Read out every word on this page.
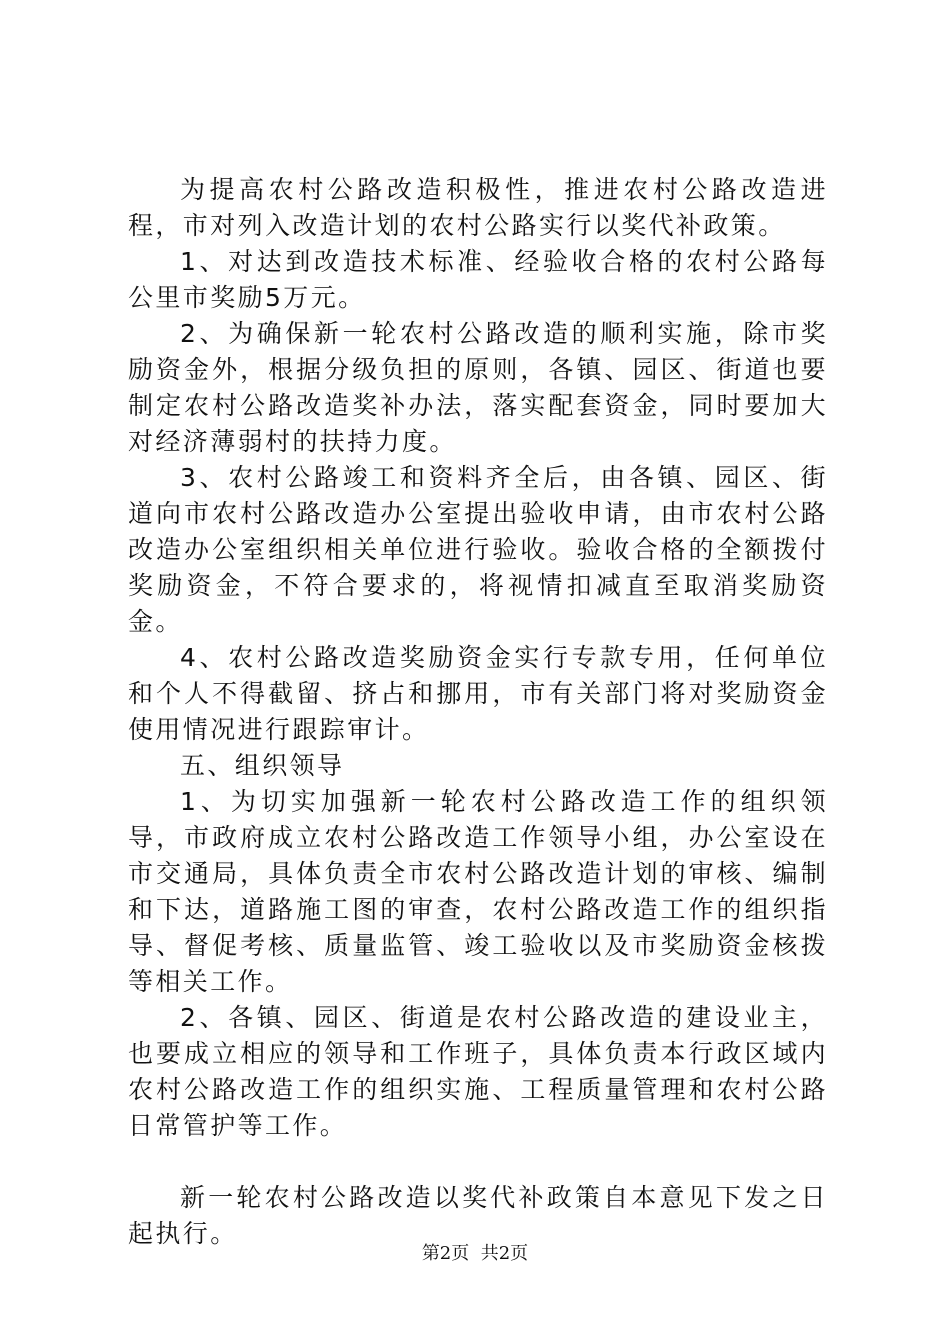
为提高农村公路改造积极性，推进农村公路改造进程，市对列入改造计划的农村公路实行以奖代补政策。

1、对达到改造技术标准、经验收合格的农村公路每公里市奖励5万元。

2、为确保新一轮农村公路改造的顺利实施，除市奖励资金外，根据分级负担的原则，各镇、园区、街道也要制定农村公路改造奖补办法，落实配套资金，同时要加大对经济薄弱村的扶持力度。

3、农村公路竣工和资料齐全后，由各镇、园区、街道向市农村公路改造办公室提出验收申请，由市农村公路改造办公室组织相关单位进行验收。验收合格的全额拨付奖励资金，不符合要求的，将视情扣减直至取消奖励资金。

4、农村公路改造奖励资金实行专款专用，任何单位和个人不得截留、挤占和挪用，市有关部门将对奖励资金使用情况进行跟踪审计。

五、组织领导

1、为切实加强新一轮农村公路改造工作的组织领导，市政府成立农村公路改造工作领导小组，办公室设在市交通局，具体负责全市农村公路改造计划的审核、编制和下达，道路施工图的审查，农村公路改造工作的组织指导、督促考核、质量监管、竣工验收以及市奖励资金核拨等相关工作。

2、各镇、园区、街道是农村公路改造的建设业主，也要成立相应的领导和工作班子，具体负责本行政区域内农村公路改造工作的组织实施、工程质量管理和农村公路日常管护等工作。

新一轮农村公路改造以奖代补政策自本意见下发之日起执行。

第2页 共2页
